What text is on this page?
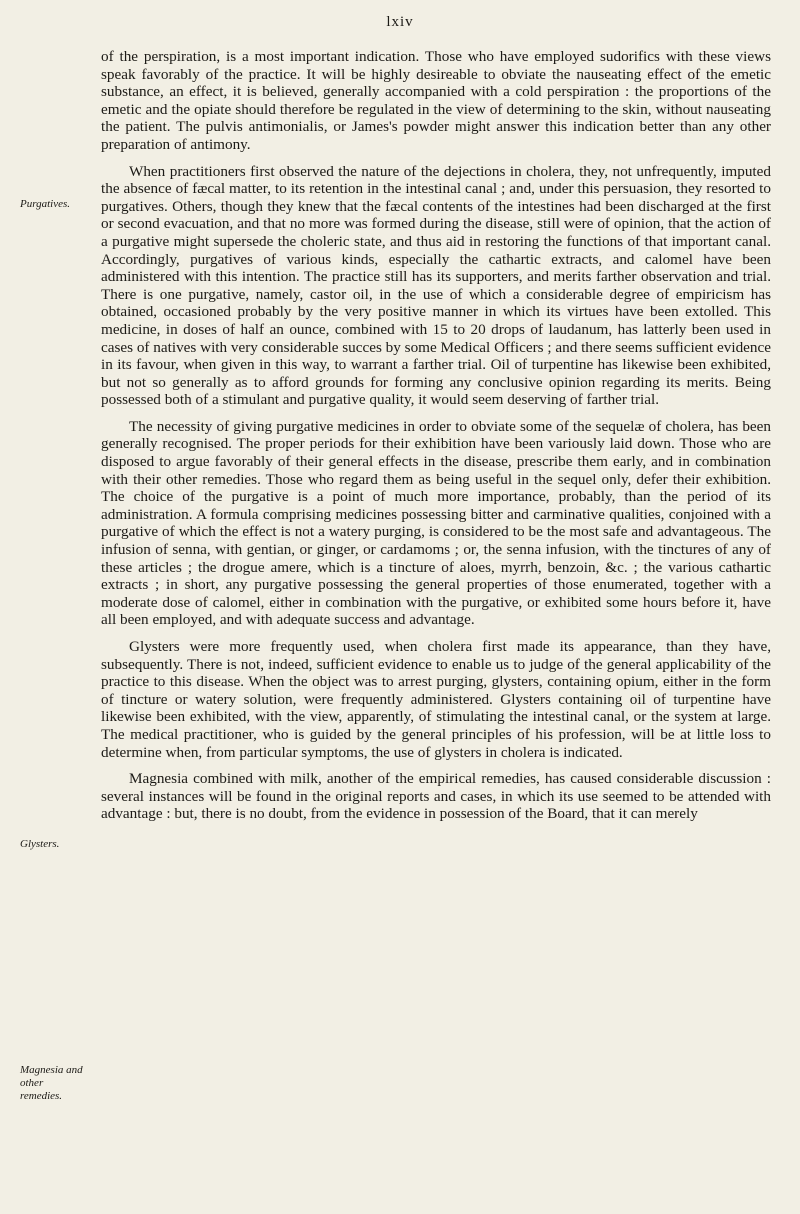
lxiv
Purgatives.
Glysters.
Magnesia and other remedies.

of the perspiration, is a most important indication. Those who have employed sudorifics with these views speak favorably of the practice. It will be highly desireable to obviate the nauseating effect of the emetic substance, an effect, it is believed, generally accompanied with a cold perspiration : the proportions of the emetic and the opiate should therefore be regulated in the view of determining to the skin, without nauseating the patient. The pulvis antimonialis, or James's powder might answer this indication better than any other preparation of antimony.

When practitioners first observed the nature of the dejections in cholera, they, not unfrequently, imputed the absence of fæcal matter, to its retention in the intestinal canal ; and, under this persuasion, they resorted to purgatives. Others, though they knew that the fæcal contents of the intestines had been discharged at the first or second evacuation, and that no more was formed during the disease, still were of opinion, that the action of a purgative might supersede the choleric state, and thus aid in restoring the functions of that important canal. Accordingly, purgatives of various kinds, especially the cathartic extracts, and calomel have been administered with this intention. The practice still has its supporters, and merits farther observation and trial. There is one purgative, namely, castor oil, in the use of which a considerable degree of empiricism has obtained, occasioned probably by the very positive manner in which its virtues have been extolled. This medicine, in doses of half an ounce, combined with 15 to 20 drops of laudanum, has latterly been used in cases of natives with very considerable succes by some Medical Officers ; and there seems sufficient evidence in its favour, when given in this way, to warrant a farther trial. Oil of turpentine has likewise been exhibited, but not so generally as to afford grounds for forming any conclusive opinion regarding its merits. Being possessed both of a stimulant and purgative quality, it would seem deserving of farther trial.

The necessity of giving purgative medicines in order to obviate some of the sequelæ of cholera, has been generally recognised. The proper periods for their exhibition have been variously laid down. Those who are disposed to argue favorably of their general effects in the disease, prescribe them early, and in combination with their other remedies. Those who regard them as being useful in the sequel only, defer their exhibition. The choice of the purgative is a point of much more importance, probably, than the period of its administration. A formula comprising medicines possessing bitter and carminative qualities, conjoined with a purgative of which the effect is not a watery purging, is considered to be the most safe and advantageous. The infusion of senna, with gentian, or ginger, or cardamoms ; or, the senna infusion, with the tinctures of any of these articles ; the drogue amere, which is a tincture of aloes, myrrh, benzoin, &c. ; the various cathartic extracts ; in short, any purgative possessing the general properties of those enumerated, together with a moderate dose of calomel, either in combination with the purgative, or exhibited some hours before it, have all been employed, and with adequate success and advantage.

Glysters were more frequently used, when cholera first made its appearance, than they have, subsequently. There is not, indeed, sufficient evidence to enable us to judge of the general applicability of the practice to this disease. When the object was to arrest purging, glysters, containing opium, either in the form of tincture or watery solution, were frequently administered. Glysters containing oil of turpentine have likewise been exhibited, with the view, apparently, of stimulating the intestinal canal, or the system at large. The medical practitioner, who is guided by the general principles of his profession, will be at little loss to determine when, from particular symptoms, the use of glysters in cholera is indicated.

Magnesia combined with milk, another of the empirical remedies, has caused considerable discussion : several instances will be found in the original reports and cases, in which its use seemed to be attended with advantage : but, there is no doubt, from the evidence in possession of the Board, that it can merely
